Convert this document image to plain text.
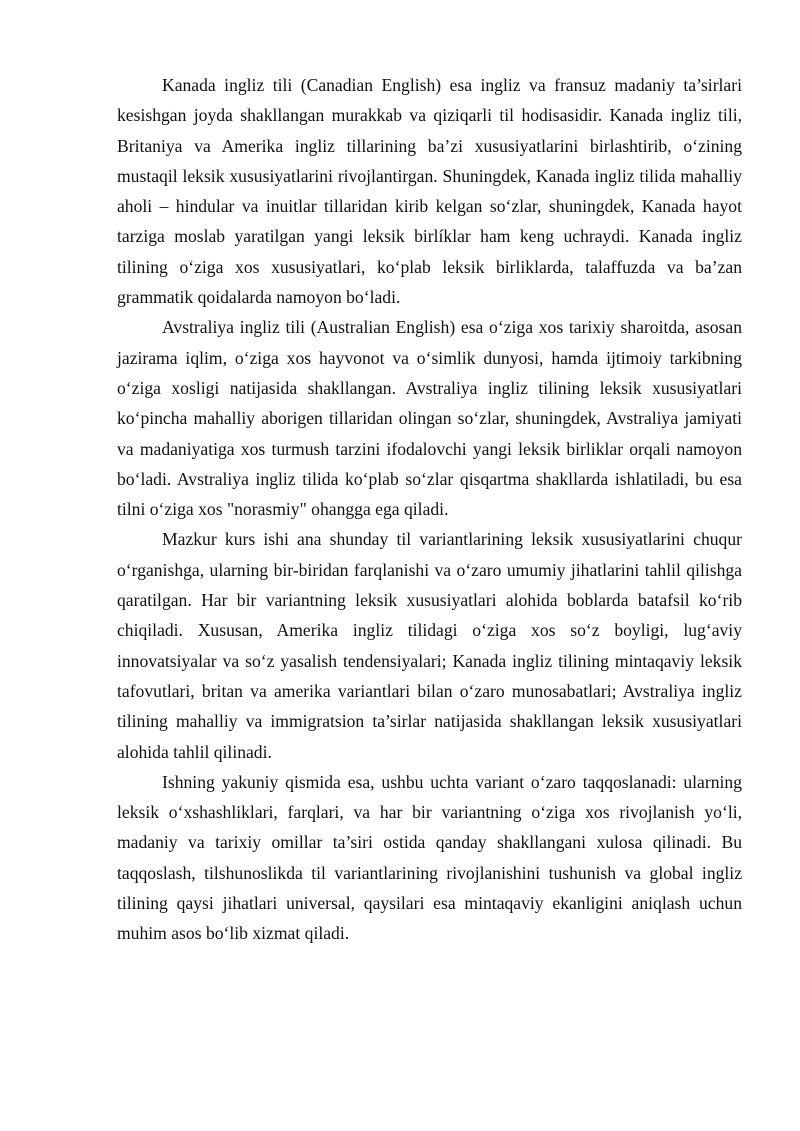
Kanada ingliz tili (Canadian English) esa ingliz va fransuz madaniy ta’sirlari kesishgan joyda shakllangan murakkab va qiziqarli til hodisasidir. Kanada ingliz tili, Britaniya va Amerika ingliz tillarining ba’zi xususiyatlarini birlashtirib, o‘zining mustaqil leksik xususiyatlarini rivojlantirgan. Shuningdek, Kanada ingliz tilida mahalliy aholi – hindular va inuitlar tillaridan kirib kelgan so‘zlar, shuningdek, Kanada hayot tarziga moslab yaratilgan yangi leksik birlíklar ham keng uchraydi. Kanada ingliz tilining o‘ziga xos xususiyatlari, ko‘plab leksik birliklarda, talaffuzda va ba’zan grammatik qoidalarda namoyon bo‘ladi.

Avstraliya ingliz tili (Australian English) esa o‘ziga xos tarixiy sharoitda, asosan jazirama iqlim, o‘ziga xos hayvonot va o‘simlik dunyosi, hamda ijtimoiy tarkibning o‘ziga xosligi natijasida shakllangan. Avstraliya ingliz tilining leksik xususiyatlari ko‘pincha mahalliy aborigen tillaridan olingan so‘zlar, shuningdek, Avstraliya jamiyati va madaniyatiga xos turmush tarzini ifodalovchi yangi leksik birliklar orqali namoyon bo‘ladi. Avstraliya ingliz tilida ko‘plab so‘zlar qisqartma shakllarda ishlatiladi, bu esa tilni o‘ziga xos "norasmiy" ohangga ega qiladi.

Mazkur kurs ishi ana shunday til variantlarining leksik xususiyatlarini chuqur o‘rganishga, ularning bir-biridan farqlanishi va o‘zaro umumiy jihatlarini tahlil qilishga qaratilgan. Har bir variantning leksik xususiyatlari alohida boblarda batafsil ko‘rib chiqiladi. Xususan, Amerika ingliz tilidagi o‘ziga xos so‘z boyligi, lug‘aviy innovatsiyalar va so‘z yasalish tendensiyalari; Kanada ingliz tilining mintaqaviy leksik tafovutlari, britan va amerika variantlari bilan o‘zaro munosabatlari; Avstraliya ingliz tilining mahalliy va immigratsion ta’sirlar natijasida shakllangan leksik xususiyatlari alohida tahlil qilinadi.

Ishning yakuniy qismida esa, ushbu uchta variant o‘zaro taqqoslanadi: ularning leksik o‘xshashliklari, farqlari, va har bir variantning o‘ziga xos rivojlanish yo‘li, madaniy va tarixiy omillar ta’siri ostida qanday shakllangani xulosa qilinadi. Bu taqqoslash, tilshunoslikda til variantlarining rivojlanishini tushunish va global ingliz tilining qaysi jihatlari universal, qaysilari esa mintaqaviy ekanligini aniqlash uchun muhim asos bo‘lib xizmat qiladi.
